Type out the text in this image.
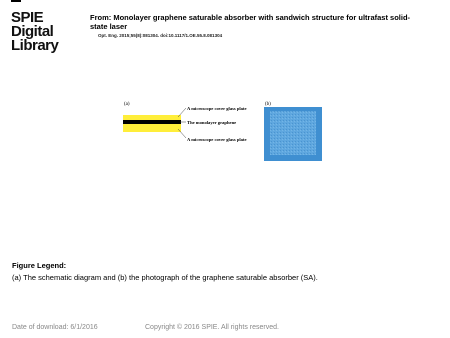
SPIE
Digital
Library
From: Monolayer graphene saturable absorber with sandwich structure for ultrafast solid-state laser
Opt. Eng. 2015;55(8):081304. doi:10.1117/1.OE.55.8.081304
(a)
A microscope cover glass plate
The monolayer graphene
A microscope cover glass plate
(b)
Figure Legend:
(a) The schematic diagram and (b) the photograph of the graphene saturable absorber (SA).
Date of download: 6/1/2016	Copyright © 2016 SPIE. All rights reserved.
